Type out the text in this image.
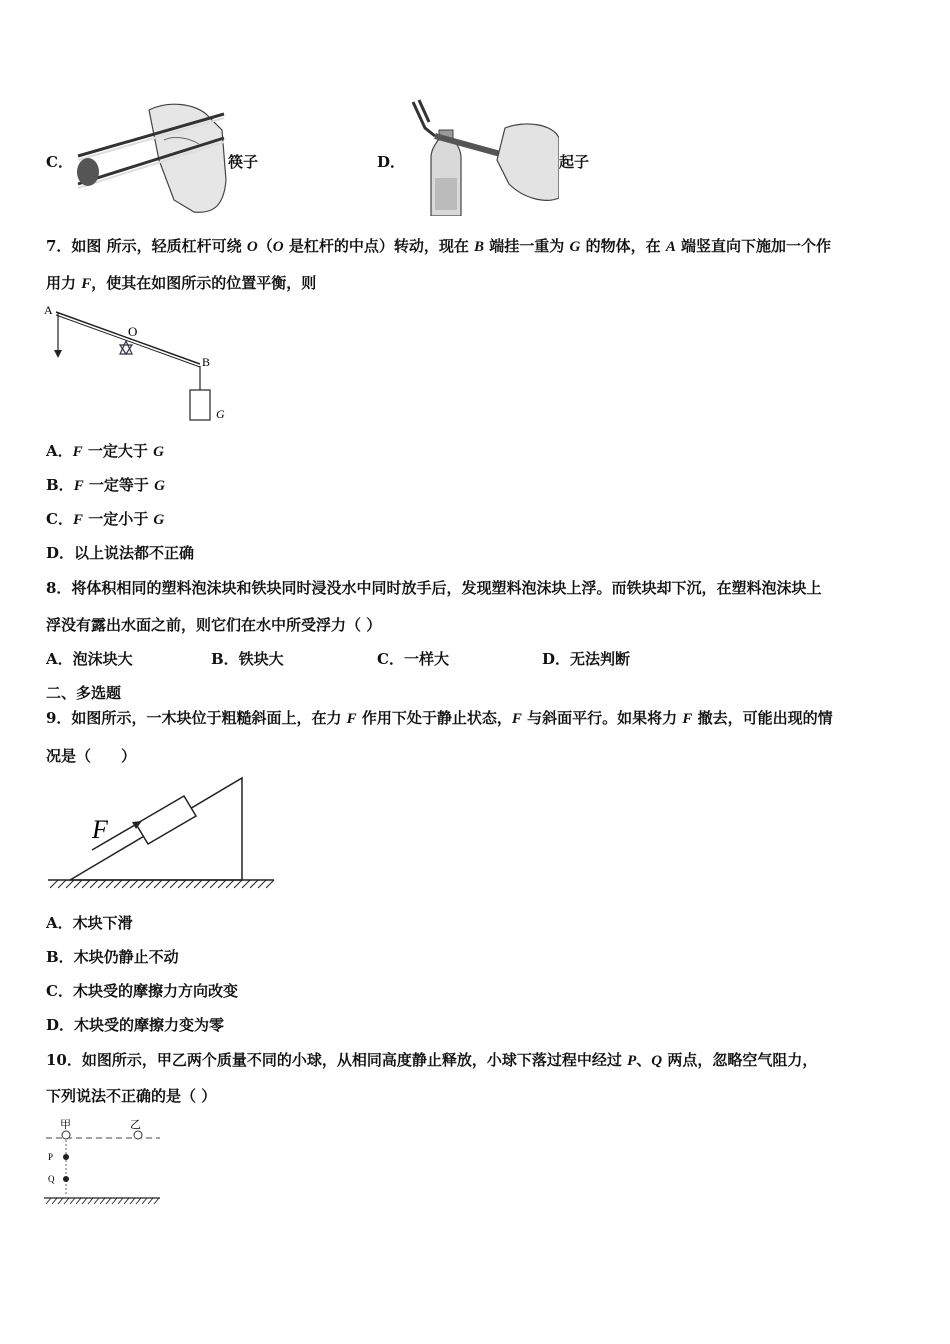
C．	筷子	D．	起子
7．如图 所示，轻质杠杆可绕 O（O 是杠杆的中点）转动，现在 B 端挂一重为 G 的物体，在 A 端竖直向下施加一个作
用力 F，使其在如图所示的位置平衡，则
A
O
B
G
A．F 一定大于 G
B．F 一定等于 G
C．F 一定小于 G
D．以上说法都不正确
8．将体积相同的塑料泡沫块和铁块同时浸没水中同时放手后，发现塑料泡沫块上浮。而铁块却下沉，在塑料泡沫块上
浮没有露出水面之前，则它们在水中所受浮力（ ）
A．泡沫块大	B．铁块大	C．一样大	D．无法判断
二、多选题
9．如图所示，一木块位于粗糙斜面上，在力 F 作用下处于静止状态，F 与斜面平行。如果将力 F 撤去，可能出现的情
况是（　　）
F
A．木块下滑
B．木块仍静止不动
C．木块受的摩擦力方向改变
D．木块受的摩擦力变为零
10．如图所示，甲乙两个质量不同的小球，从相同高度静止释放，小球下落过程中经过 P、Q 两点，忽略空气阻力，
下列说法不正确的是（ ）
甲	乙
P
Q
